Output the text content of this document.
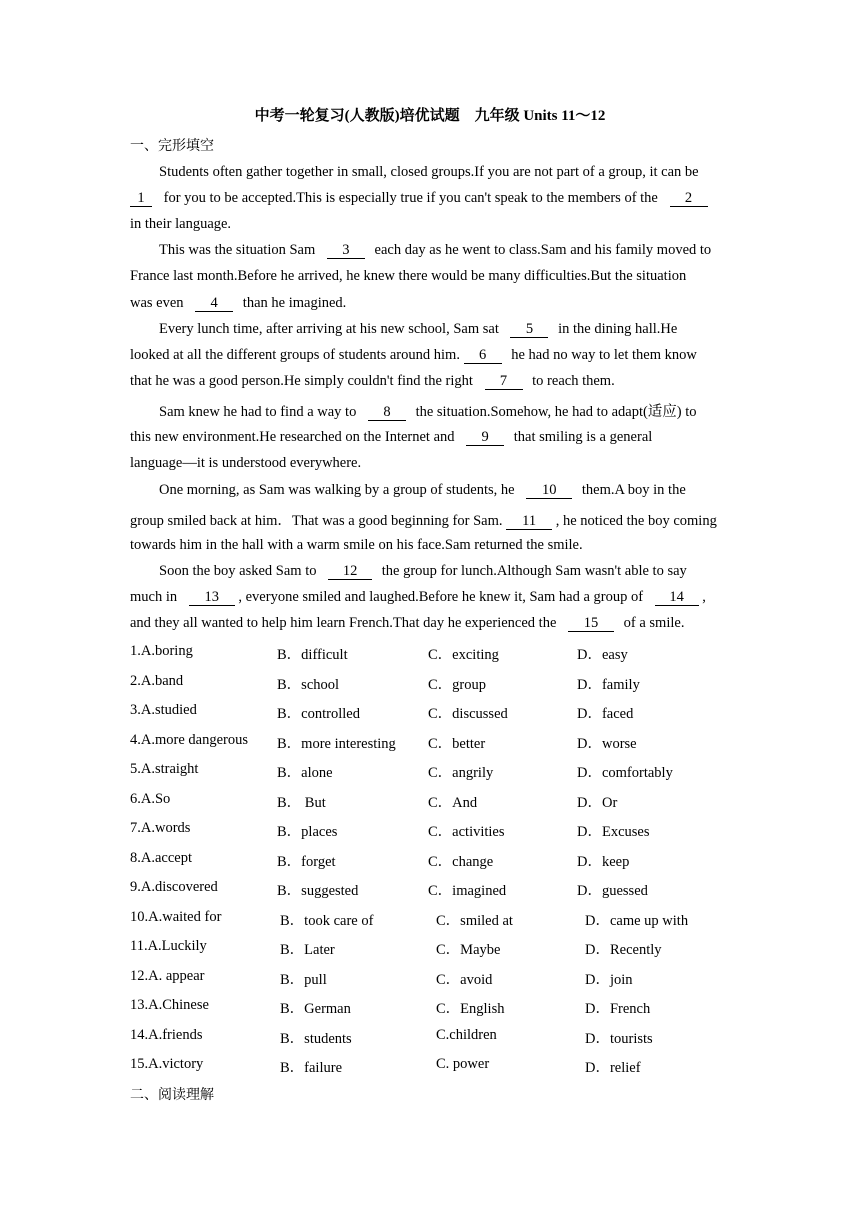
中考一轮复习(人教版)培优试题　九年级 Units 11～12
一、完形填空
Students often gather together in small, closed groups.If you are not part of a group, it can be
1 for you to be accepted.This is especially true if you can't speak to the members of the 2
in their language.
This was the situation Sam 3 each day as he went to class.Sam and his family moved to
France last month.Before he arrived, he knew there would be many difficulties.But the situation
was even 4 than he imagined.
Every lunch time, after arriving at his new school, Sam sat 5 in the dining hall.He
looked at all the different groups of students around him. 6 he had no way to let them know
that he was a good person.He simply couldn't find the right 7 to reach them.
Sam knew he had to find a way to 8 the situation.Somehow, he had to adapt(适应) to
this new environment.He researched on the Internet and 9 that smiling is a general
language—it is understood everywhere.
One morning, as Sam was walking by a group of students, he 10 them.A boy in the
group smiled back at him．That was a good beginning for Sam. 11 , he noticed the boy coming
towards him in the hall with a warm smile on his face.Sam returned the smile.
Soon the boy asked Sam to 12 the group for lunch.Although Sam wasn't able to say
much in 13 , everyone smiled and laughed.Before he knew it, Sam had a group of 14 ,
and they all wanted to help him learn French.That day he experienced the 15 of a smile.
1.A.boring	B．difficult	C．exciting	D．easy
2.A.band	B．school	C．group	D．family
3.A.studied	B．controlled	C．discussed	D．faced
4.A.more dangerous B．more interesting C．better	D．worse
5.A.straight	B．alone	C．angrily	D．comfortably
6.A.So	B． But	C．And	D．Or
7.A.words	B．places	C．activities	D．Excuses
8.A.accept	B．forget	C．change	D．keep
9.A.discovered	B．suggested	C．imagined	D．guessed
10.A.waited for	B．took care of	C．smiled at	D．came up with
11.A.Luckily	B．Later	C．Maybe	D．Recently
12.A. appear	B．pull	C．avoid	D．join
13.A.Chinese	B．German	C．English	D．French
14.A.friends	B．students	C.children	D．tourists
15.A.victory	B．failure	C. power	D．relief
二、阅读理解
